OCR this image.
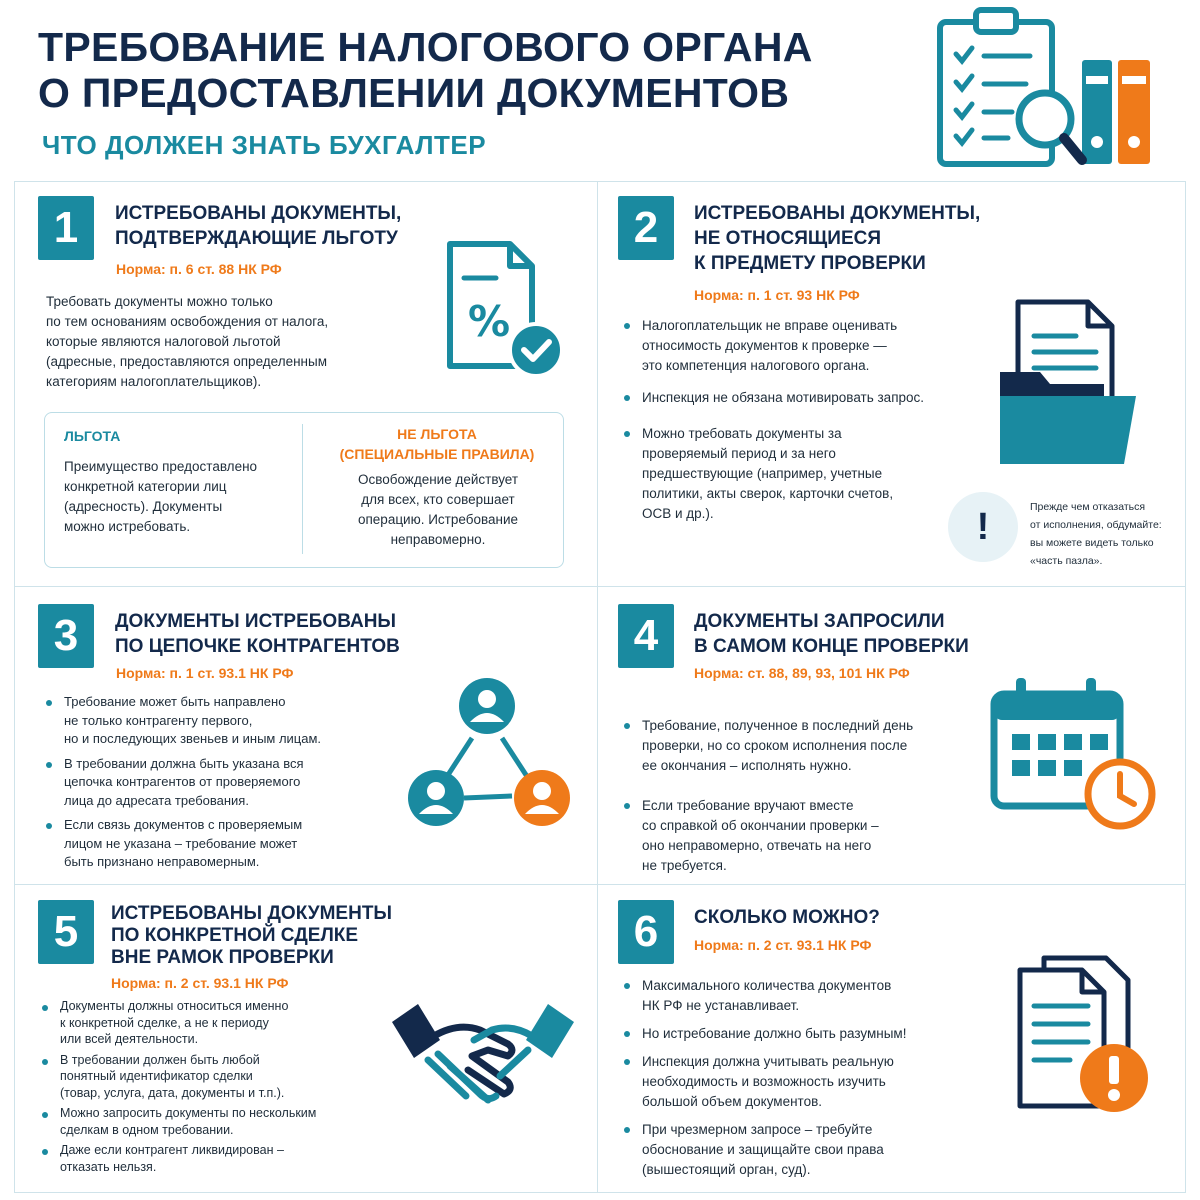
ТРЕБОВАНИЕ НАЛОГОВОГО ОРГАНА
О ПРЕДОСТАВЛЕНИИ ДОКУМЕНТОВ
ЧТО ДОЛЖЕН ЗНАТЬ БУХГАЛТЕР
1	ИСТРЕБОВАНЫ ДОКУМЕНТЫ,
ПОДТВЕРЖДАЮЩИЕ ЛЬГОТУ
Норма: п. 6 ст. 88 НК РФ
Требовать документы можно только
по тем основаниям освобождения от налога,
которые являются налоговой льготой
(адресные, предоставляются определенным
категориям налогоплательщиков).
%
ЛЬГОТА
Преимущество предоставлено
конкретной категории лиц
(адресность). Документы
можно истребовать.
НЕ ЛЬГОТА
(СПЕЦИАЛЬНЫЕ ПРАВИЛА)
Освобождение действует
для всех, кто совершает
операцию. Истребование
неправомерно.
2	ИСТРЕБОВАНЫ ДОКУМЕНТЫ,
НЕ ОТНОСЯЩИЕСЯ
К ПРЕДМЕТУ ПРОВЕРКИ
Норма: п. 1 ст. 93 НК РФ
Налогоплательщик не вправе оценивать
относимость документов к проверке —
это компетенция налогового органа.
Инспекция не обязана мотивировать запрос.
Можно требовать документы за
проверяемый период и за него
предшествующие (например, учетные
политики, акты сверок, карточки счетов,
ОСВ и др.).	!	Прежде чем отказаться
от исполнения, обдумайте:
вы можете видеть только
«часть пазла».
3	ДОКУМЕНТЫ ИСТРЕБОВАНЫ
ПО ЦЕПОЧКЕ КОНТРАГЕНТОВ
Норма: п. 1 ст. 93.1 НК РФ
Требование может быть направлено
не только контрагенту первого,
но и последующих звеньев и иным лицам.
В требовании должна быть указана вся
цепочка контрагентов от проверяемого
лица до адресата требования.
Если связь документов с проверяемым
лицом не указана – требование может
быть признано неправомерным.
4	ДОКУМЕНТЫ ЗАПРОСИЛИ
В САМОМ КОНЦЕ ПРОВЕРКИ
Норма: ст. 88, 89, 93, 101 НК РФ
Требование, полученное в последний день
проверки, но со сроком исполнения после
ее окончания – исполнять нужно.
Если требование вручают вместе
со справкой об окончании проверки –
оно неправомерно, отвечать на него
не требуется.
5	ИСТРЕБОВАНЫ ДОКУМЕНТЫ
ПО КОНКРЕТНОЙ СДЕЛКЕ
ВНЕ РАМОК ПРОВЕРКИ
Норма: п. 2 ст. 93.1 НК РФ
Документы должны относиться именно
к конкретной сделке, а не к периоду
или всей деятельности.
В требовании должен быть любой
понятный идентификатор сделки
(товар, услуга, дата, документы и т.п.).
Можно запросить документы по нескольким
сделкам в одном требовании.
Даже если контрагент ликвидирован –
отказать нельзя.
6	СКОЛЬКО МОЖНО?
Норма: п. 2 ст. 93.1 НК РФ
Максимального количества документов
НК РФ не устанавливает.
Но истребование должно быть разумным!
Инспекция должна учитывать реальную
необходимость и возможность изучить
большой объем документов.
При чрезмерном запросе – требуйте
обоснование и защищайте свои права
(вышестоящий орган, суд).
